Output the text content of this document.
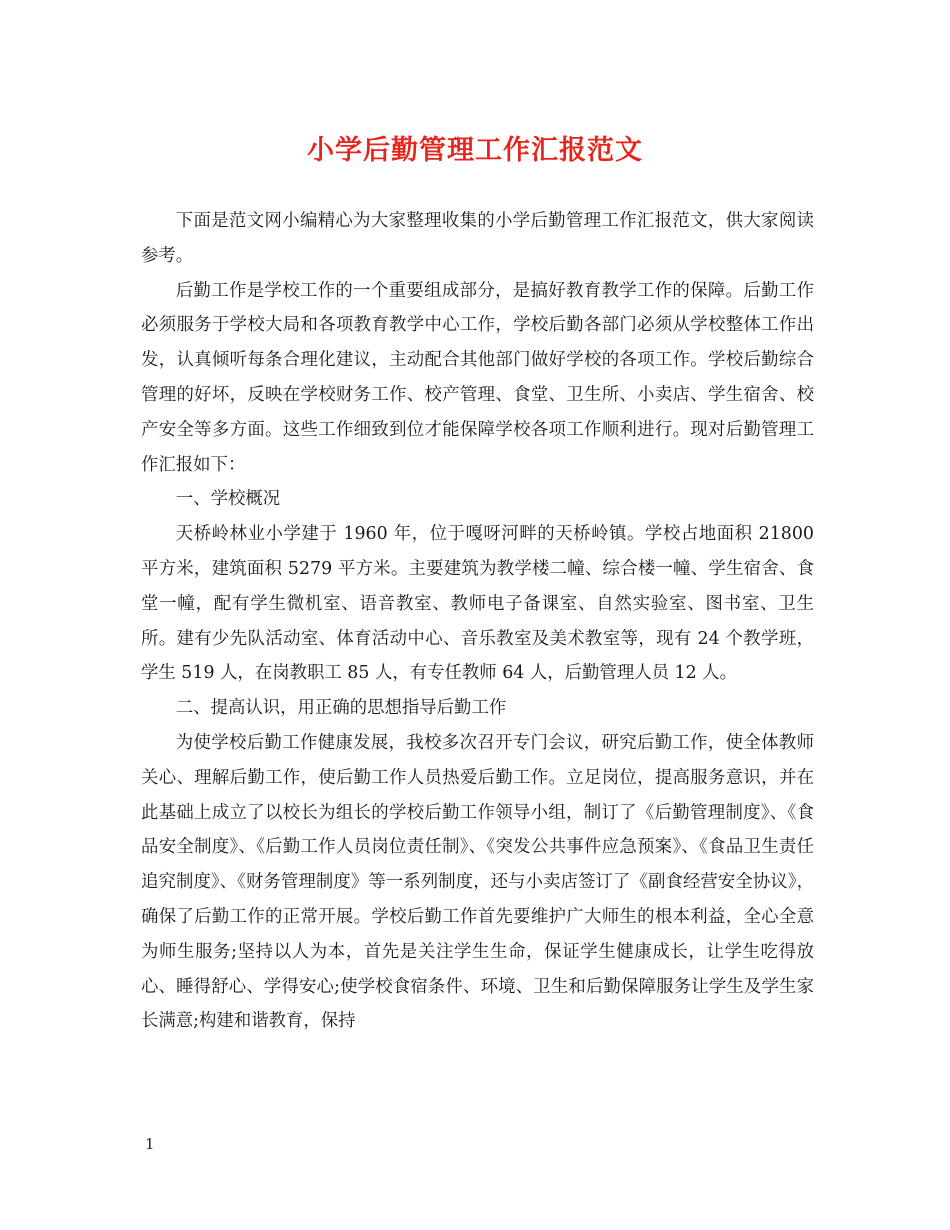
小学后勤管理工作汇报范文

下面是范文网小编精心为大家整理收集的小学后勤管理工作汇报范文，供大家阅读参考。

后勤工作是学校工作的一个重要组成部分，是搞好教育教学工作的保障。后勤工作必须服务于学校大局和各项教育教学中心工作，学校后勤各部门必须从学校整体工作出发，认真倾听每条合理化建议，主动配合其他部门做好学校的各项工作。学校后勤综合管理的好坏，反映在学校财务工作、校产管理、食堂、卫生所、小卖店、学生宿舍、校产安全等多方面。这些工作细致到位才能保障学校各项工作顺利进行。现对后勤管理工作汇报如下：

一、学校概况

天桥岭林业小学建于 1960 年，位于嘎呀河畔的天桥岭镇。学校占地面积 21800 平方米，建筑面积 5279 平方米。主要建筑为教学楼二幢、综合楼一幢、学生宿舍、食堂一幢，配有学生微机室、语音教室、教师电子备课室、自然实验室、图书室、卫生所。建有少先队活动室、体育活动中心、音乐教室及美术教室等，现有 24 个教学班，学生 519 人，在岗教职工 85 人，有专任教师 64 人，后勤管理人员 12 人。

二、提高认识，用正确的思想指导后勤工作

为使学校后勤工作健康发展，我校多次召开专门会议，研究后勤工作，使全体教师关心、理解后勤工作，使后勤工作人员热爱后勤工作。立足岗位，提高服务意识，并在此基础上成立了以校长为组长的学校后勤工作领导小组，制订了《后勤管理制度》、《食品安全制度》、《后勤工作人员岗位责任制》、《突发公共事件应急预案》、《食品卫生责任追究制度》、《财务管理制度》等一系列制度，还与小卖店签订了《副食经营安全协议》，确保了后勤工作的正常开展。学校后勤工作首先要维护广大师生的根本利益，全心全意为师生服务;坚持以人为本，首先是关注学生生命，保证学生健康成长，让学生吃得放心、睡得舒心、学得安心;使学校食宿条件、环境、卫生和后勤保障服务让学生及学生家长满意;构建和谐教育，保持

1
